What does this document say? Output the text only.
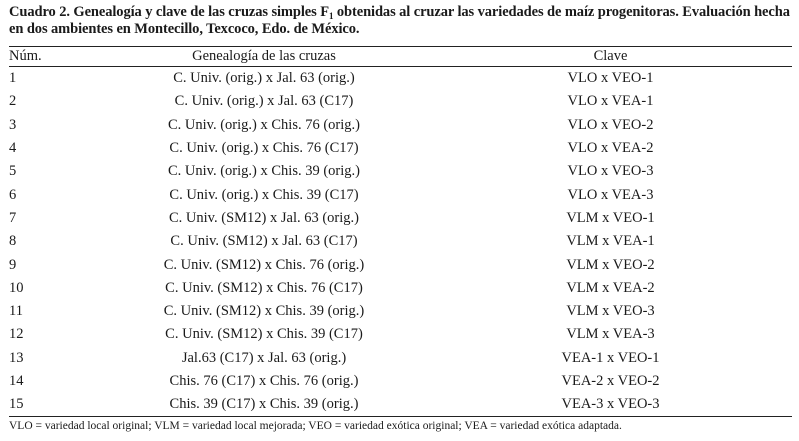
Cuadro 2. Genealogía y clave de las cruzas simples $F_1$ obtenidas al cruzar las variedades de maíz progenitoras. Evaluación hecha en dos ambientes en Montecillo, Texcoco, Edo. de México.
Núm.	Genealogía de las cruzas	Clave
1	C. Univ. (orig.) x Jal. 63 (orig.)	VLO x VEO-1
2	C. Univ. (orig.) x Jal. 63 (C17)	VLO x VEA-1
3	C. Univ. (orig.) x Chis. 76 (orig.)	VLO x VEO-2
4	C. Univ. (orig.) x Chis. 76 (C17)	VLO x VEA-2
5	C. Univ. (orig.) x Chis. 39 (orig.)	VLO x VEO-3
6	C. Univ. (orig.) x Chis. 39 (C17)	VLO x VEA-3
7	C. Univ. (SM12) x Jal. 63 (orig.)	VLM x VEO-1
8	C. Univ. (SM12) x Jal. 63 (C17)	VLM x VEA-1
9	C. Univ. (SM12) x Chis. 76 (orig.)	VLM x VEO-2
10	C. Univ. (SM12) x Chis. 76 (C17)	VLM x VEA-2
11	C. Univ. (SM12) x Chis. 39 (orig.)	VLM x VEO-3
12	C. Univ. (SM12) x Chis. 39 (C17)	VLM x VEA-3
13	Jal.63 (C17) x Jal. 63 (orig.)	VEA-1 x VEO-1
14	Chis. 76 (C17) x Chis. 76 (orig.)	VEA-2 x VEO-2
15	Chis. 39 (C17) x Chis. 39 (orig.)	VEA-3 x VEO-3
VLO = variedad local original; VLM = variedad local mejorada; VEO = variedad exótica original; VEA = variedad exótica adaptada.
